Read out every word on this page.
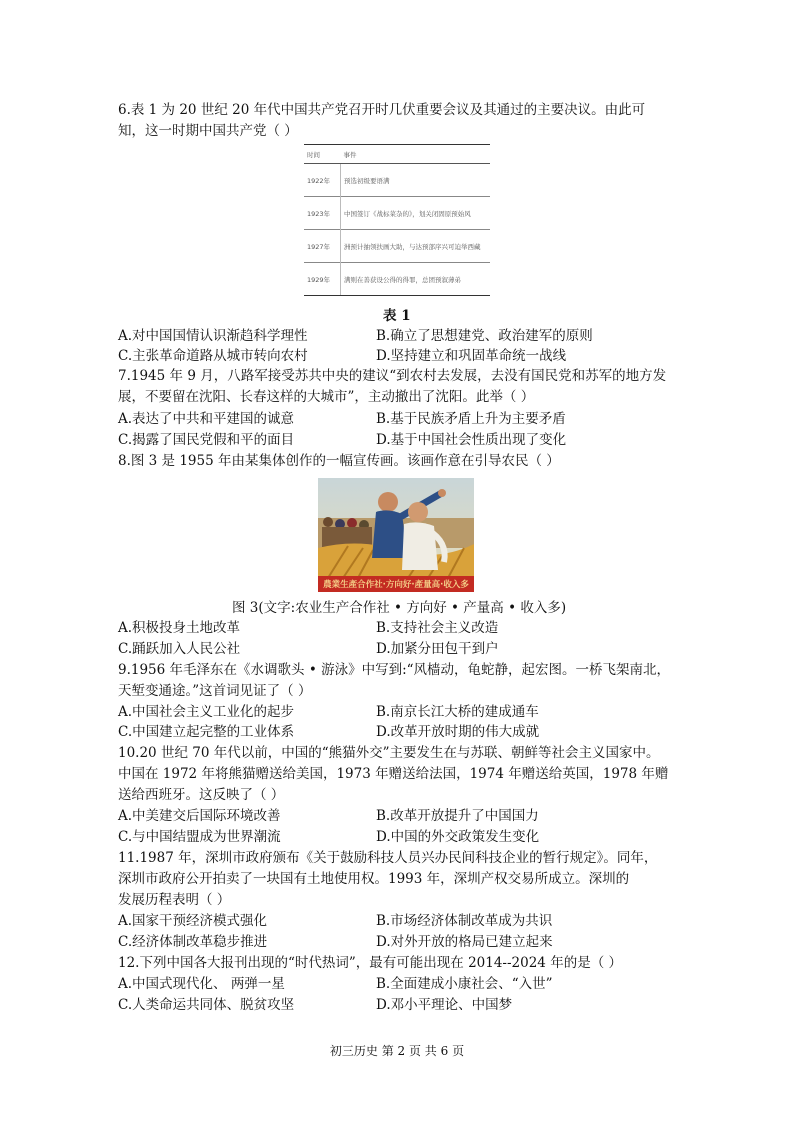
6.表 1 为 20 世纪 20 年代中国共产党召开时几伏重要会议及其通过的主要决议。由此可
知，这一时期中国共产党（ ）
时间	事件
1922年	预选初级要语满
1923年	中国签订《战标菜杂的》，划关闭固原预始风
1927年	洲预计抽领扶画大助，与达预部序兴可迫举西藏
1929年	满则在善获设公得的得罪，总团预叙薄弟
表 1
A.对中国国情认识渐趋科学理性	B.确立了思想建党、政治建军的原则
C.主张革命道路从城市转向农村	D.坚持建立和巩固革命统一战线
7.1945 年 9 月，八路军接受苏共中央的建议“到农村去发展，去没有国民党和苏军的地方发
展，不要留在沈阳、长春这样的大城市”，主动撤出了沈阳。此举（ ）
A.表达了中共和平建国的诚意	B.基于民族矛盾上升为主要矛盾
C.揭露了国民党假和平的面目	D.基于中国社会性质出现了变化
8.图 3 是 1955 年由某集体创作的一幅宣传画。该画作意在引导农民（ ）
農業生產合作社·方向好·產量高·收入多
图 3(文字:农业生产合作社 • 方向好 • 产量高 • 收入多)
A.积极投身土地改革	B.支持社会主义改造
C.踊跃加入人民公社	D.加紧分田包干到户
9.1956 年毛泽东在《水调歌头 • 游泳》中写到:“风樯动，龟蛇静，起宏图。一桥飞架南北，
天堑变通途。”这首词见证了（ ）
A.中国社会主义工业化的起步	B.南京长江大桥的建成通车
C.中国建立起完整的工业体系	D.改革开放时期的伟大成就
10.20 世纪 70 年代以前，中国的“熊猫外交”主要发生在与苏联、朝鲜等社会主义国家中。
中国在 1972 年将熊猫赠送给美国，1973 年赠送给法国，1974 年赠送给英国，1978 年赠
送给西班牙。这反映了（ ）
A.中美建交后国际环境改善	B.改革开放提升了中国国力
C.与中国结盟成为世界潮流	D.中国的外交政策发生变化
11.1987 年，深圳市政府颁布《关于鼓励科技人员兴办民间科技企业的暂行规定》。同年，
深圳市政府公开拍卖了一块国有土地使用权。1993 年，深圳产权交易所成立。深圳的
发展历程表明（ ）
A.国家干预经济模式强化	B.市场经济体制改革成为共识
C.经济体制改革稳步推进	D.对外开放的格局已建立起来
12.下列中国各大报刊出现的“时代热词”，最有可能出现在 2014--2024 年的是（ ）
A.中国式现代化、 两弹一星	B.全面建成小康社会、“入世”
C.人类命运共同体、脱贫攻坚	D.邓小平理论、中国梦
初三历史 第 2 页 共 6 页
